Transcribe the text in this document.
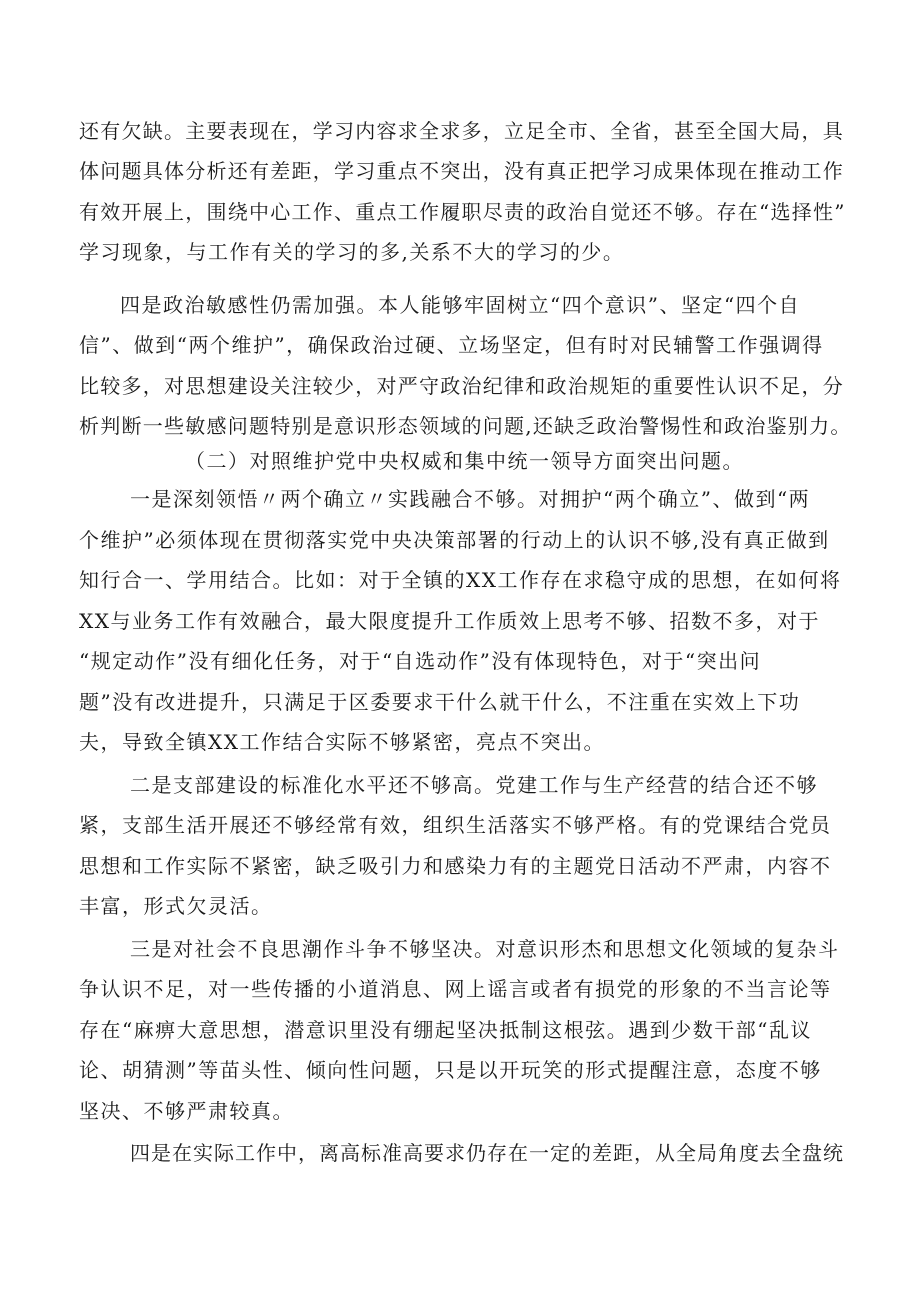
还有欠缺。主要表现在，学习内容求全求多，立足全市、全省，甚至全国大局，具
体问题具体分析还有差距，学习重点不突出，没有真正把学习成果体现在推动工作
有效开展上，围绕中心工作、重点工作履职尽责的政治自觉还不够。存在“选择性”
学习现象，与工作有关的学习的多,关系不大的学习的少。
四是政治敏感性仍需加强。本人能够牢固树立“四个意识”、坚定“四个自
信”、做到“两个维护”，确保政治过硬、立场坚定，但有时对民辅警工作强调得
比较多，对思想建设关注较少，对严守政治纪律和政治规矩的重要性认识不足，分
析判断一些敏感问题特别是意识形态领域的问题,还缺乏政治警惕性和政治鉴别力。
（二）对照维护党中央权威和集中统一领导方面突出问题。
一是深刻领悟〃两个确立〃实践融合不够。对拥护“两个确立”、做到“两
个维护”必须体现在贯彻落实党中央决策部署的行动上的认识不够,没有真正做到
知行合一、学用结合。比如：对于全镇的XX工作存在求稳守成的思想，在如何将
XX与业务工作有效融合，最大限度提升工作质效上思考不够、招数不多，对于
“规定动作”没有细化任务，对于“自选动作”没有体现特色，对于“突出问
题”没有改进提升，只满足于区委要求干什么就干什么，不注重在实效上下功
夫，导致全镇XX工作结合实际不够紧密，亮点不突出。
二是支部建设的标准化水平还不够高。党建工作与生产经营的结合还不够
紧，支部生活开展还不够经常有效，组织生活落实不够严格。有的党课结合党员
思想和工作实际不紧密，缺乏吸引力和感染力有的主题党日活动不严肃，内容不
丰富，形式欠灵活。
三是对社会不良思潮作斗争不够坚决。对意识形杰和思想文化领域的复杂斗
争认识不足，对一些传播的小道消息、网上谣言或者有损党的形象的不当言论等
存在“麻痹大意思想，潜意识里没有绷起坚决抵制这根弦。遇到少数干部“乱议
论、胡猜测”等苗头性、倾向性问题，只是以开玩笑的形式提醒注意，态度不够
坚决、不够严肃较真。
四是在实际工作中，离高标准高要求仍存在一定的差距，从全局角度去全盘统
